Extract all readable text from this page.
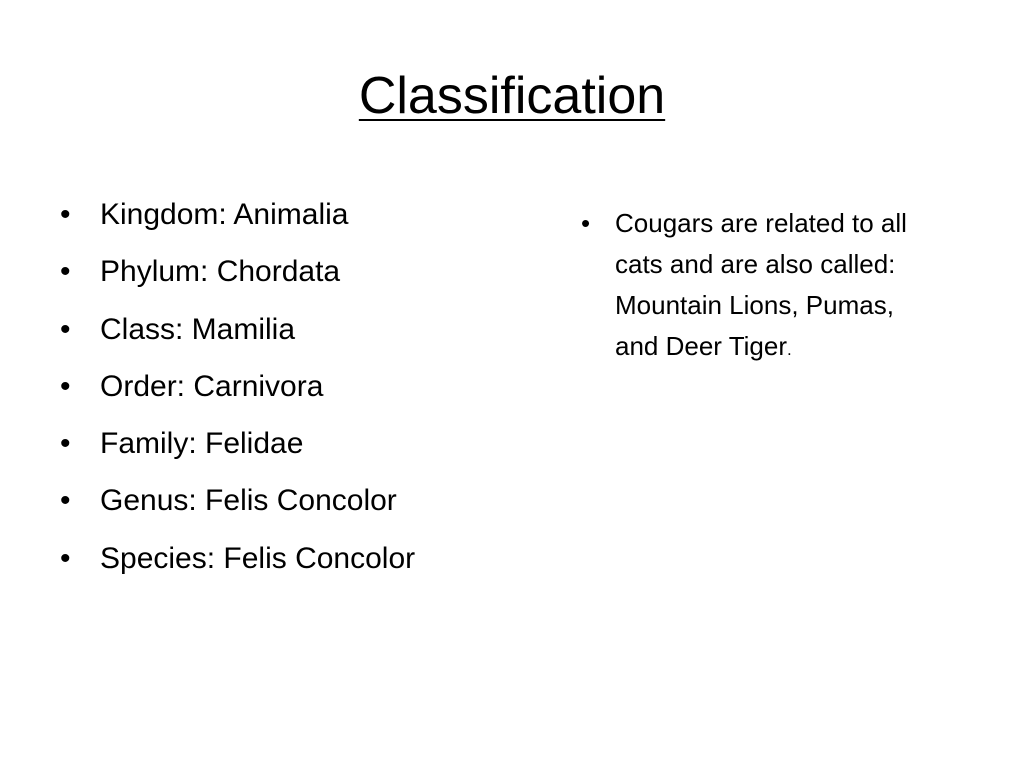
Classification
• Kingdom: Animalia
• Phylum: Chordata
• Class: Mamilia
• Order: Carnivora
• Family: Felidae
• Genus: Felis Concolor
• Species: Felis Concolor
• Cougars are related to all cats and are also called: Mountain Lions, Pumas, and Deer Tiger.
